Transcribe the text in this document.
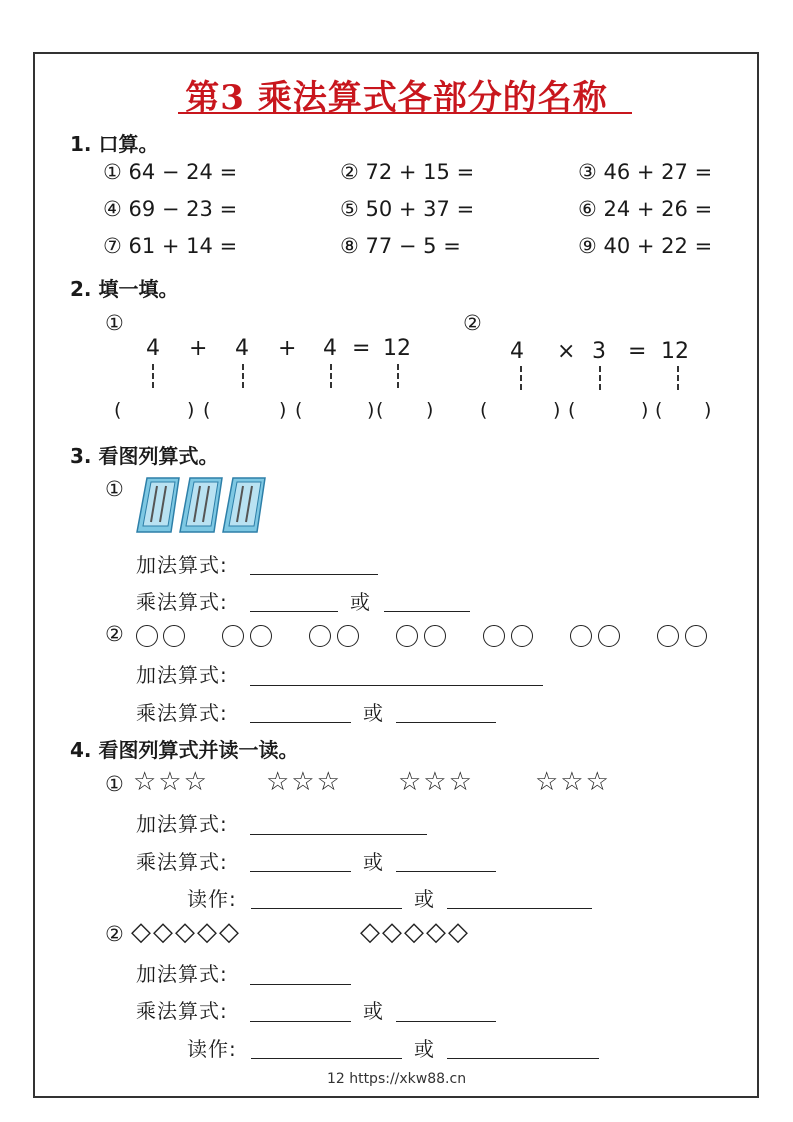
第3 乘法算式各部分的名称
1. 口算。
① 64 − 24 =	② 72 + 15 =	③ 46 + 27 =
④ 69 − 23 =	⑤ 50 + 37 =	⑥ 24 + 26 =
⑦ 61 + 14 =	⑧ 77 − 5 =	⑨ 40 + 22 =
2. 填一填。
①	②
4 + 4 + 4 = 12	4 × 3 = 12
(	) (	) (	) ( ) (	) (	) ( )
3. 看图列算式。
①
加法算式:
乘法算式:	或
②
加法算式:
乘法算式:	或
4. 看图列算式并读一读。
① ☆☆☆ ☆☆☆ ☆☆☆ ☆☆☆
加法算式:
乘法算式:	或
读作:	或
② ◇◇◇◇◇	◇◇◇◇◇
加法算式:
乘法算式:	或
读作:	或
12 https://xkw88.cn
